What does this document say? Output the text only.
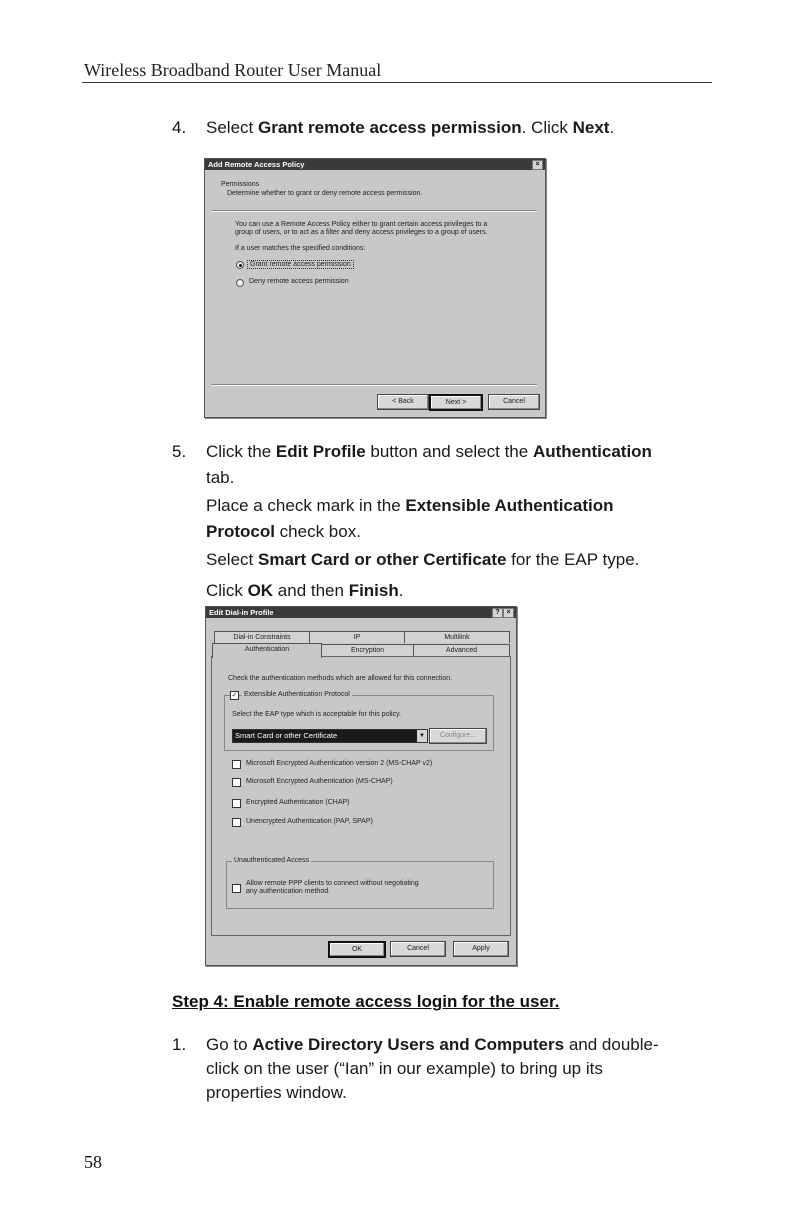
Wireless Broadband Router User Manual
4. Select Grant remote access permission. Click Next.
Add Remote Access Policy	×
Permissions
Determine whether to grant or deny remote access permission.
You can use a Remote Access Policy either to grant certain access privileges to a
group of users, or to act as a filter and deny access privileges to a group of users.
If a user matches the specified conditions:
Grant remote access permission
Deny remote access permission
< Back	Next >	Cancel
5. Click the Edit Profile button and select the Authentication
tab.
Place a check mark in the Extensible Authentication
Protocol check box.
Select Smart Card or other Certificate for the EAP type.
Click OK and then Finish.
Edit Dial-in Profile	? ×
Dial-in Constraints	IP	Multilink
Authentication	Encryption	Advanced
Check the authentication methods which are allowed for this connection.
✓ Extensible Authentication Protocol
Select the EAP type which is acceptable for this policy.
Smart Card or other Certificate	▼	Configure...
Microsoft Encrypted Authentication version 2 (MS-CHAP v2)
Microsoft Encrypted Authentication (MS-CHAP)
Encrypted Authentication (CHAP)
Unencrypted Authentication (PAP, SPAP)
Unauthenticated Access
Allow remote PPP clients to connect without negotiating
any authentication method.
OK	Cancel	Apply
Step 4: Enable remote access login for the user.
1. Go to Active Directory Users and Computers and double-
click on the user (“Ian” in our example) to bring up its
properties window.
58
